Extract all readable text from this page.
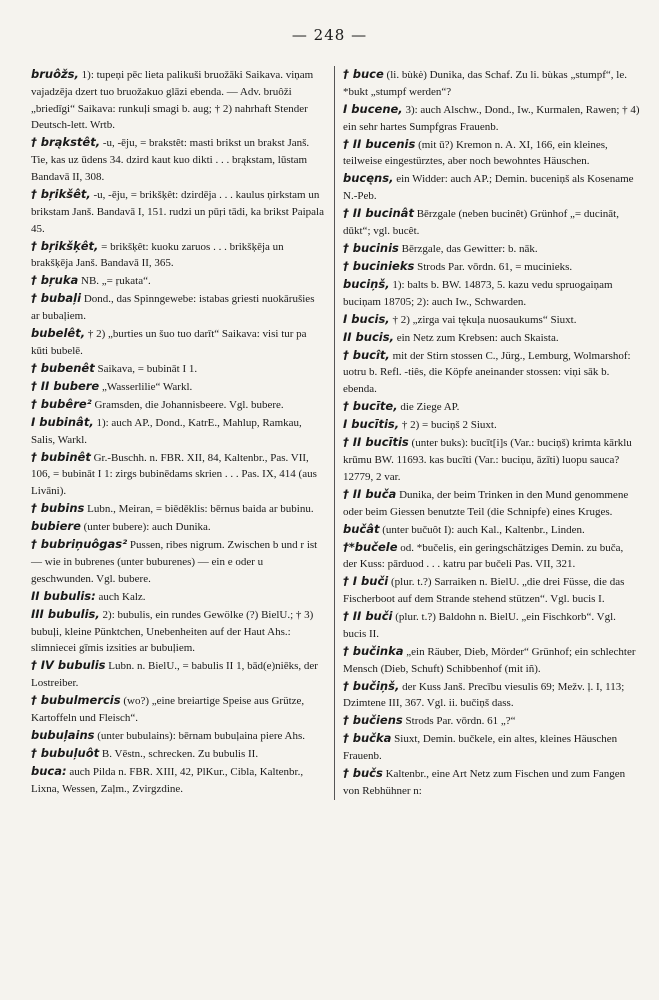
— 248 —

bruôžs, 1): tupeņi pēc lieta palikuši bruožāki Saikava. viņam vajadzēja dzert tuo bruožakuo glāzi ebenda. — Adv. bruôži „briedīgi“ Saikava: runkuļi smagi b. aug; † 2) nahrhaft Stender Deutsch-lett. Wrtb.

† brąkstêt, -u, -ēju, = brakstêt: masti brikst un brakst Janš. Tie, kas uz ūdens 34. dzird kaut kuo dikti . . . brąkstam, lūstam Bandavā II, 308.

† bŗikšêt, -u, -ēju, = brikšķêt: dzirdēja . . . kaulus ņirkstam un brikstam Janš. Bandavā I, 151. rudzi un pūŗi tādi, ka brikst Paipala 45.

† bŗikšķêt, = brikšķêt: kuoku zaruos . . . brikšķēja un brakšķēja Janš. Bandavā II, 365.

† bŗuka NB. „= ŗukata“.

† bubaļi Dond., das Spinngewebe: istabas griesti nuokārušies ar bubaļiem.

bubelêt, † 2) „burties un šuo tuo darīt“ Saikava: visi tur pa kūti bubelē.

† bubenêt Saikava, = bubināt I 1.

† II bubere „Wasserlilie“ Warkl.

† bubêre² Gramsden, die Johannisbeere. Vgl. bubere.

I bubinât, 1): auch AP., Dond., KatrE., Mahlup, Ramkau, Salis, Warkl.

† bubinêt Gr.-Buschh. n. FBR. XII, 84, Kaltenbr., Pas. VII, 106, = bubināt I 1: zirgs bubinēdams skrien . . . Pas. IX, 414 (aus Livāni).

† bubins Lubn., Meiran, = biēdēklis: bērnus baida ar bubinu.

bubiere (unter bubere): auch Dunika.

† bubriņuôgas² Pussen, ribes nigrum. Zwischen b und r ist — wie in bubrenes (unter buburenes) — ein e oder u geschwunden. Vgl. bubere.

II bubulis: auch Kalz.

III bubulis, 2): bubulis, ein rundes Gewölke (?) BielU.; † 3) bubuļi, kleine Pünktchen, Unebenheiten auf der Haut Ahs.: slimniecei gīmis izsities ar bubuļiem.

† IV bubulis Lubn. n. BielU., = babulis II 1, bād(e)niēks, der Lostreiber.

† bubulmercis (wo?) „eine breiartige Speise aus Grütze, Kartoffeln und Fleisch“.

bubuļains (unter bubulains): bērnam bubuļaina piere Ahs.

† bubuļuôt B. Vēstn., schrecken. Zu bubulis II.

buca: auch Pilda n. FBR. XIII, 42, PlKur., Cibla, Kaltenbr., Lixna, Wessen, Zaļm., Zvirgzdine.

† buce (li. bùkė) Dunika, das Schaf. Zu li. bùkas „stumpf“, le. *bukt „stumpf werden“?

I bucene, 3): auch Alschw., Dond., Iw., Kurmalen, Rawen; † 4) ein sehr hartes Sumpfgras Frauenb.

† II bucenis (mit ū?) Kremon n. A. XI, 166, ein kleines, teilweise eingestürztes, aber noch bewohntes Häuschen.

bucęns, ein Widder: auch AP.; Demin. buceniņš als Kosename N.-Peb.

† II bucinât Bērzgale (neben bucinêt) Grünhof „= ducināt, dūkt“; vgl. bucêt.

† bucinis Bērzgale, das Gewitter: b. nāk.

† bucinieks Strods Par. vōrdn. 61, = mucinieks.

buciņš, 1): balts b. BW. 14873, 5. kazu vedu spruogaiņam buciņam 18705; 2): auch Iw., Schwarden.

I bucis, † 2) „zirga vai tękuļa nuosaukums“ Siuxt.

II bucis, ein Netz zum Krebsen: auch Skaista.

† bucît, mit der Stirn stossen C., Jürg., Lemburg, Wolmarshof: uotru b. Refl. -tiês, die Köpfe aneinander stossen: viņi sāk b. ebenda.

† bucīte, die Ziege AP.

I bucītis, † 2) = buciņš 2 Siuxt.

† II bucītis (unter buks): bucīt[i]s (Var.: buciņš) krimta kārklu krūmu BW. 11693. kas bucīti (Var.: buciņu, āzīti) luopu sauca? 12779, 2 var.

† II buča Dunika, der beim Trinken in den Mund genommene oder beim Giessen benutzte Teil (die Schnipfe) eines Kruges.

bučât (unter bučuôt I): auch Kal., Kaltenbr., Linden.

†*bučele od. *bučelis, ein geringschätziges Demin. zu buča, der Kuss: pārduod . . . katru par bučeli Pas. VII, 321.

† I buči (plur. t.?) Sarraiken n. BielU. „die drei Füsse, die das Fischerboot auf dem Strande stehend stützen“. Vgl. bucis I.

† II buči (plur. t.?) Baldohn n. BielU. „ein Fischkorb“. Vgl. bucis II.

† bučinka „ein Räuber, Dieb, Mörder“ Grünhof; ein schlechter Mensch (Dieb, Schuft) Schibbenhof (mit iñ).

† bučiņš, der Kuss Janš. Precību viesulis 69; Mežv. ļ. I, 113; Dzimtene III, 367. Vgl. ii. bučiņš dass.

† bučiens Strods Par. vōrdn. 61 „?“

† bučka Siuxt, Demin. bučkele, ein altes, kleines Häuschen Frauenb.

† bučs Kaltenbr., eine Art Netz zum Fischen und zum Fangen von Rebhühner n:
